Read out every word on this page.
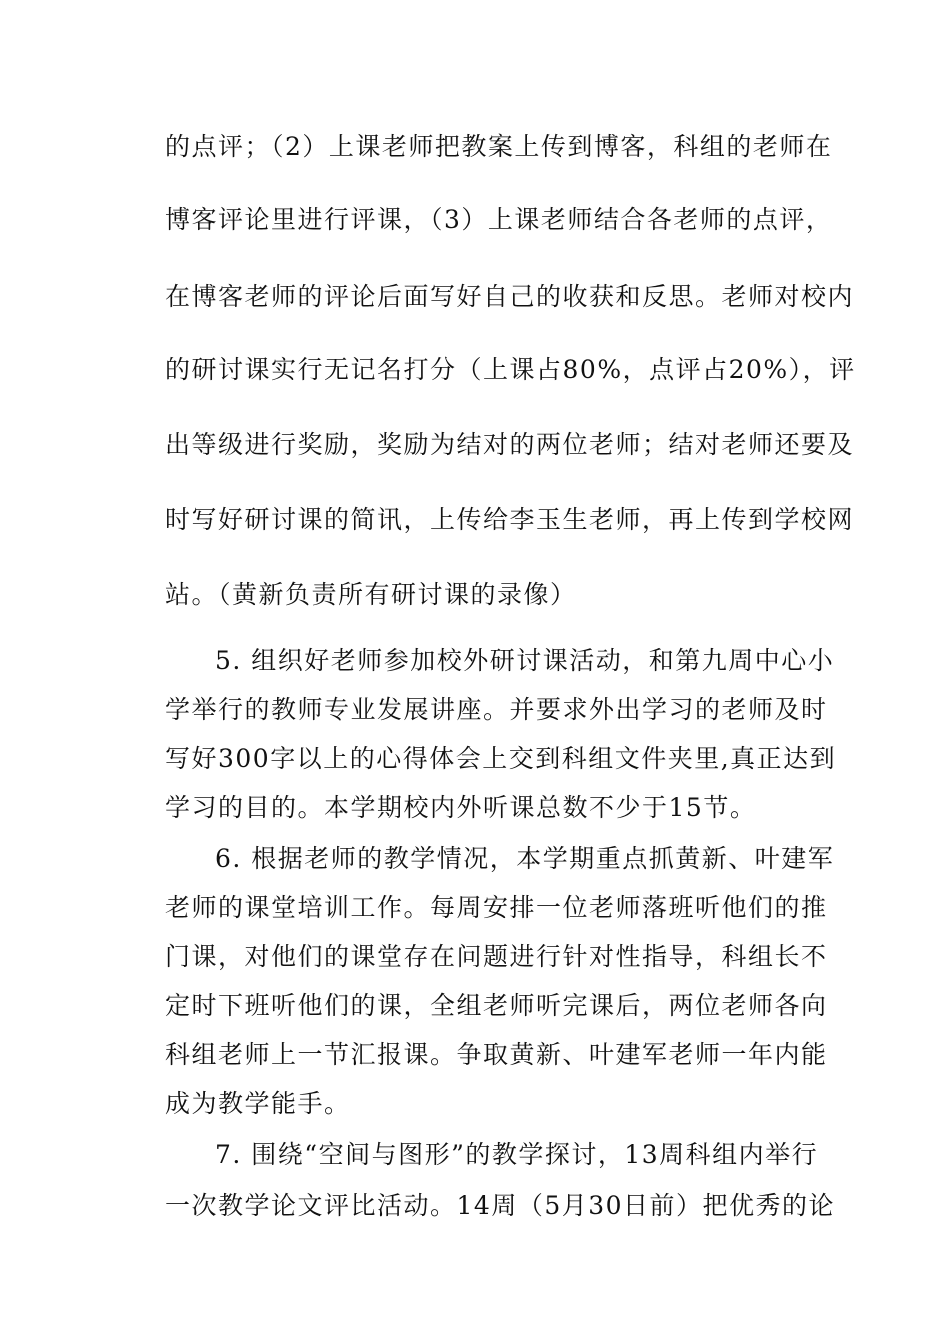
的点评；（2）上课老师把教案上传到博客，科组的老师在
博客评论里进行评课，（3）上课老师结合各老师的点评，
在博客老师的评论后面写好自己的收获和反思。老师对校内
的研讨课实行无记名打分（上课占80%，点评占20%），评
出等级进行奖励，奖励为结对的两位老师；结对老师还要及
时写好研讨课的简讯，上传给李玉生老师，再上传到学校网
站。（黄新负责所有研讨课的录像）
5. 组织好老师参加校外研讨课活动，和第九周中心小
学举行的教师专业发展讲座。并要求外出学习的老师及时
写好300字以上的心得体会上交到科组文件夹里,真正达到
学习的目的。本学期校内外听课总数不少于15节。
6. 根据老师的教学情况，本学期重点抓黄新、叶建军
老师的课堂培训工作。每周安排一位老师落班听他们的推
门课，对他们的课堂存在问题进行针对性指导，科组长不
定时下班听他们的课，全组老师听完课后，两位老师各向
科组老师上一节汇报课。争取黄新、叶建军老师一年内能
成为教学能手。
7. 围绕“空间与图形”的教学探讨，13周科组内举行
一次教学论文评比活动。14周（5月30日前）把优秀的论
